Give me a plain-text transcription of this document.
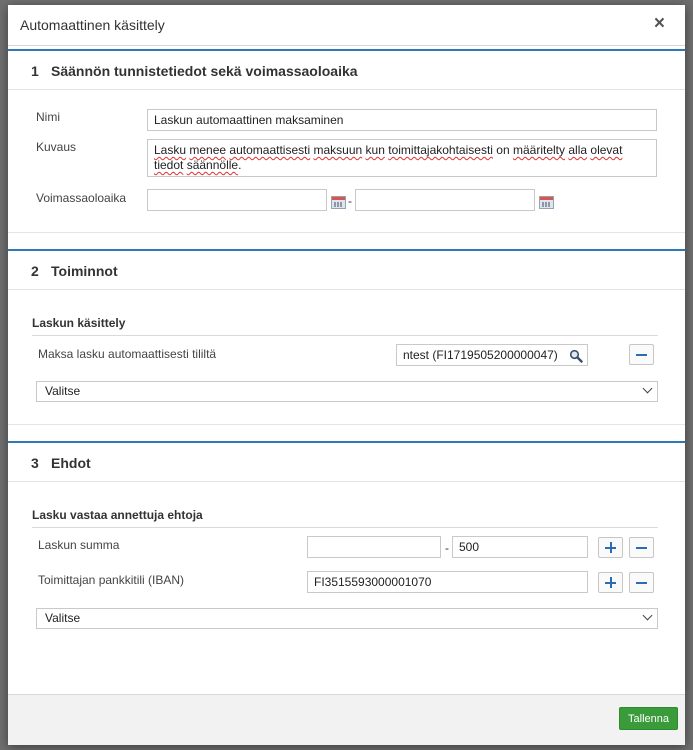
Automaattinen käsittely	×
1 Säännön tunnistetiedot sekä voimassaoloaika
Nimi	Laskun automaattinen maksaminen
Kuvaus	Lasku menee automaattisesti maksuun kun toimittajakohtaisesti on määritelty alla olevat tiedot säännölle.
Voimassaoloaika	-
2 Toiminnot
Laskun käsittely
Maksa lasku automaattisesti tililtä	ntest (FI1719505200000047)
Valitse
3 Ehdot
Lasku vastaa annettuja ehtoja
Laskun summa	- 500
Toimittajan pankkitili (IBAN)	FI3515593000001070
Valitse
Tallenna
